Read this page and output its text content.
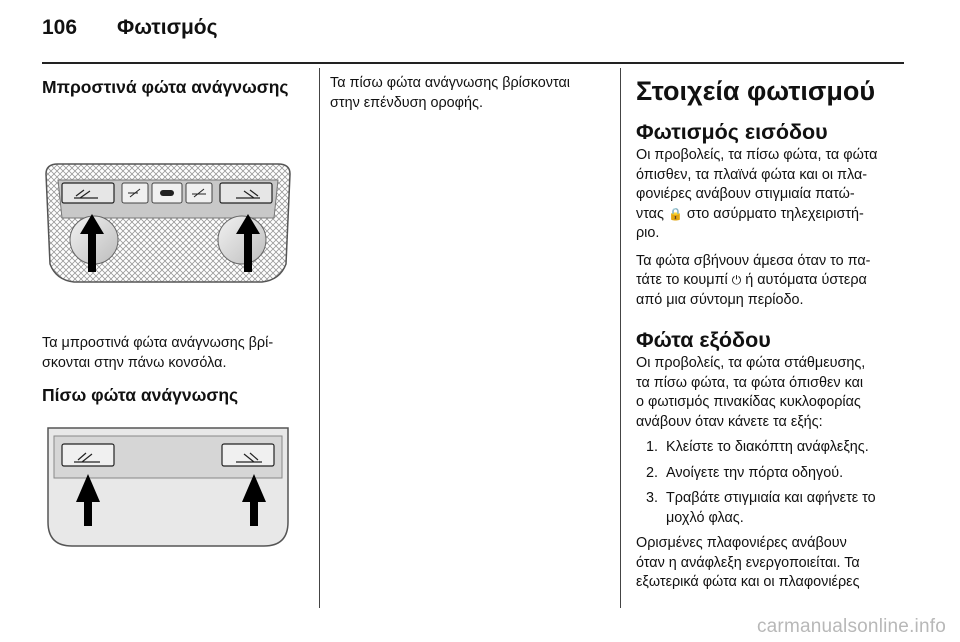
106 Φωτισμός
Μπροστινά φώτα ανάγνωσης

Τα μπροστινά φώτα ανάγνωσης βρί‐

σκονται στην πάνω κονσόλα.

Πίσω φώτα ανάγνωσης

Τα πίσω φώτα ανάγνωσης βρίσκονται

στην επένδυση οροφής.	Στοιχεία φωτισμού
Φωτισμός εισόδου

Οι προβολείς, τα πίσω φώτα, τα φώτα

όπισθεν, τα πλαϊνά φώτα και οι πλα‐

φονιέρες ανάβουν στιγμιαία πατώ‐

ντας 🔒 στο ασύρματο τηλεχειριστή‐

ριο.

Τα φώτα σβήνουν άμεσα όταν το πα‐

τάτε το κουμπί ⏻ ή αυτόματα ύστερα

από μια σύντομη περίοδο.

Φώτα εξόδου

Οι προβολείς, τα φώτα στάθμευσης,

τα πίσω φώτα, τα φώτα όπισθεν και

ο φωτισμός πινακίδας κυκλοφορίας

ανάβουν όταν κάνετε τα εξής:

1. Κλείστε το διακόπτη ανάφλεξης.
2. Ανοίγετε την πόρτα οδηγού.
3. Τραβάτε στιγμιαία και αφήνετε το
μοχλό φλας.

Ορισμένες πλαφονιέρες ανάβουν

όταν η ανάφλεξη ενεργοποιείται. Τα

εξωτερικά φώτα και οι πλαφονιέρες

carmanualsonline.info
